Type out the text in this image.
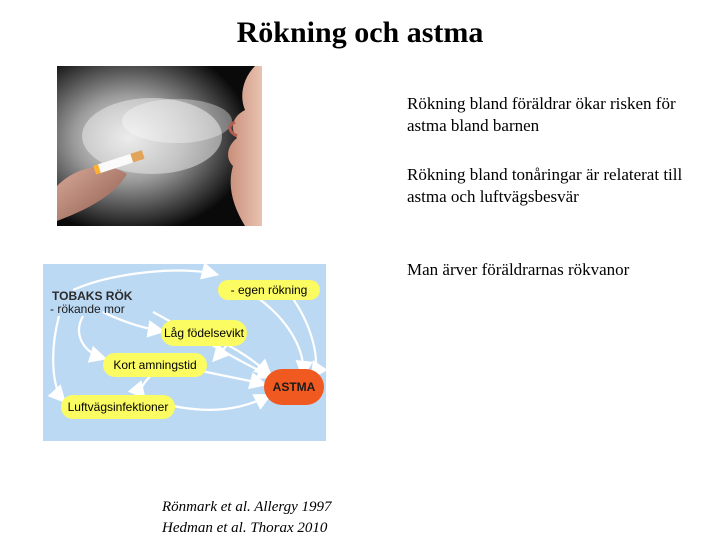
Rökning och astma
Rökning bland föräldrar ökar risken för astma bland barnen
Rökning bland tonåringar är relaterat till astma och luftvägsbesvär
Man ärver föräldrarnas rökvanor
TOBAKS RÖK
- rökande mor
- egen rökning
Låg födelsevikt
Kort amningstid
ASTMA
Luftvägsinfektioner
Rönmark et al. Allergy 1997
Hedman et al. Thorax 2010
